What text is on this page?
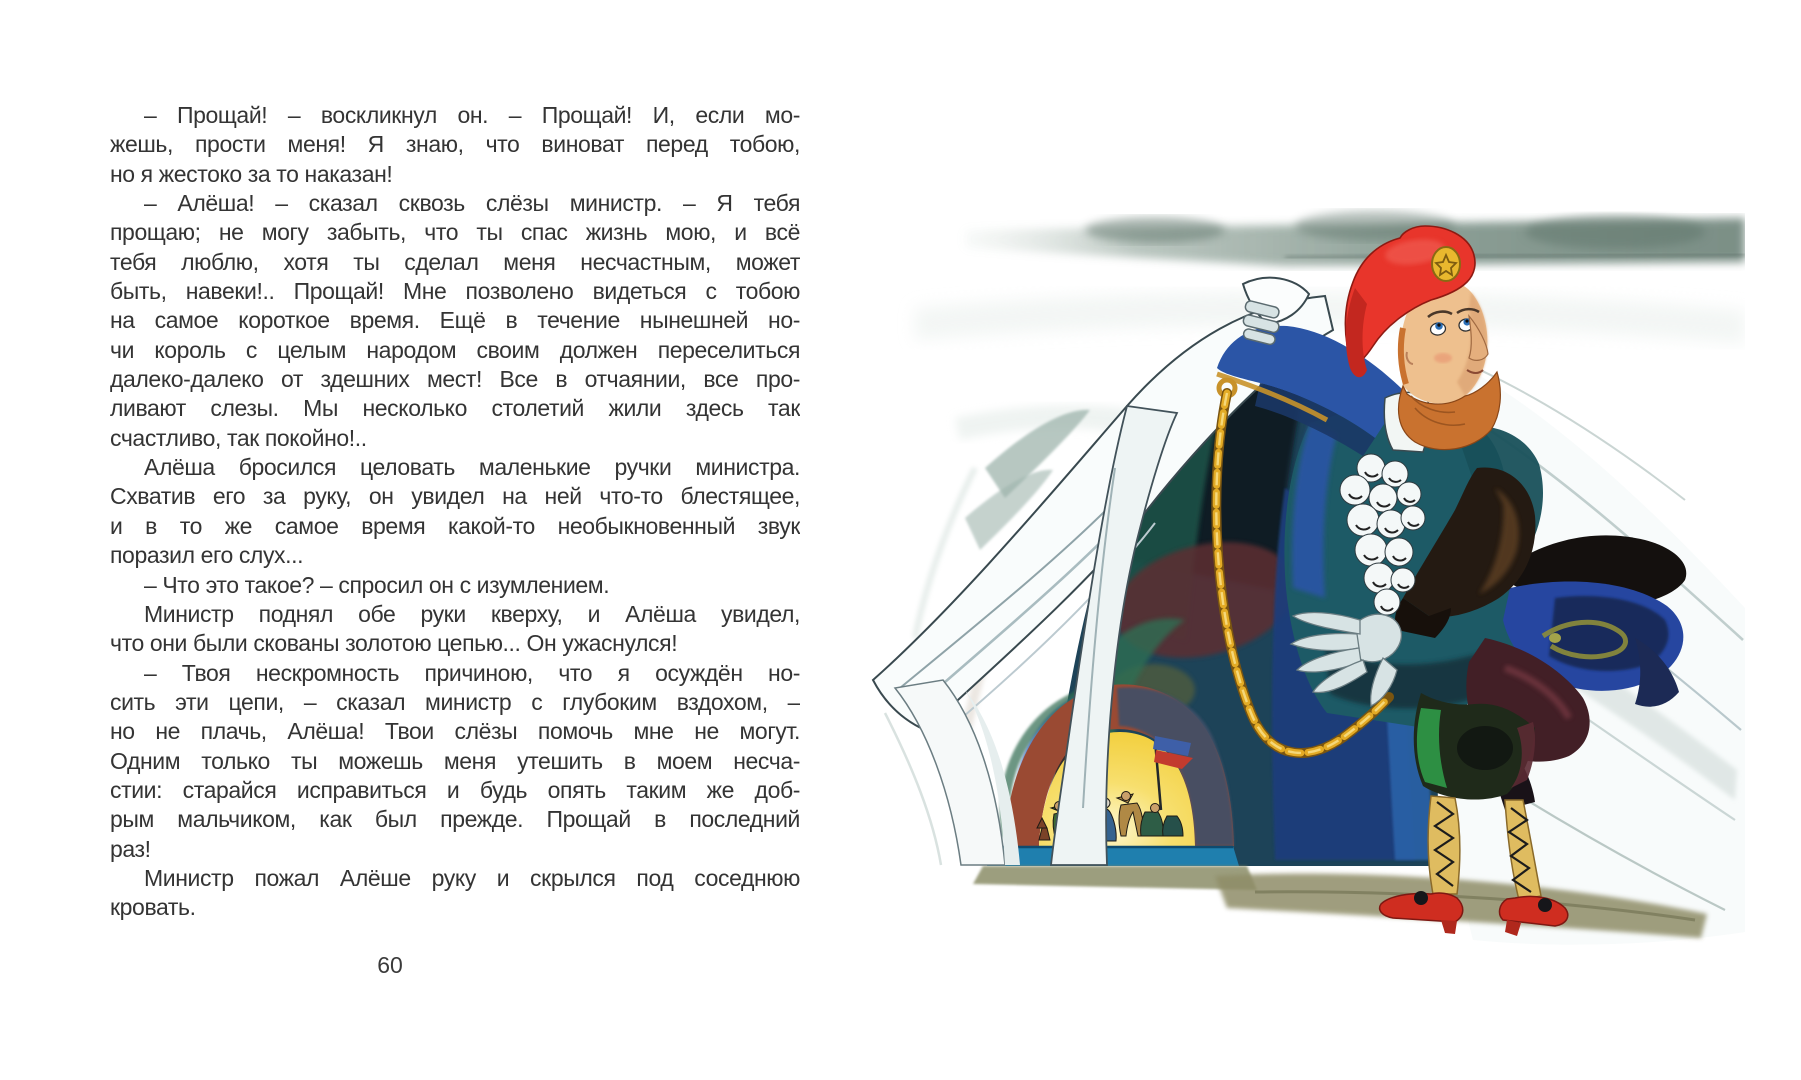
– Прощай! – воскликнул он. – Прощай! И, если мо-
жешь, прости меня! Я знаю, что виноват перед тобою,
но я жестоко за то наказан!
– Алёша! – сказал сквозь слёзы министр. – Я тебя
прощаю; не могу забыть, что ты спас жизнь мою, и всё
тебя люблю, хотя ты сделал меня несчастным, может
быть, навеки!.. Прощай! Мне позволено видеться с тобою
на самое короткое время. Ещё в течение нынешней но-
чи король с целым народом своим должен переселиться
далеко-далеко от здешних мест! Все в отчаянии, все про-
ливают слезы. Мы несколько столетий жили здесь так
счастливо, так покойно!..
Алёша бросился целовать маленькие ручки министра.
Схватив его за руку, он увидел на ней что-то блестящее,
и в то же самое время какой-то необыкновенный звук
поразил его слух...
– Что это такое? – спросил он с изумлением.
Министр поднял обе руки кверху, и Алёша увидел,
что они были скованы золотою цепью... Он ужаснулся!
– Твоя нескромность причиною, что я осуждён но-
сить эти цепи, – сказал министр с глубоким вздохом, –
но не плачь, Алёша! Твои слёзы помочь мне не могут.
Одним только ты можешь меня утешить в моем несча-
стии: старайся исправиться и будь опять таким же доб-
рым мальчиком, как был прежде. Прощай в последний
раз!
Министр пожал Алёше руку и скрылся под соседнюю
кровать.
60
